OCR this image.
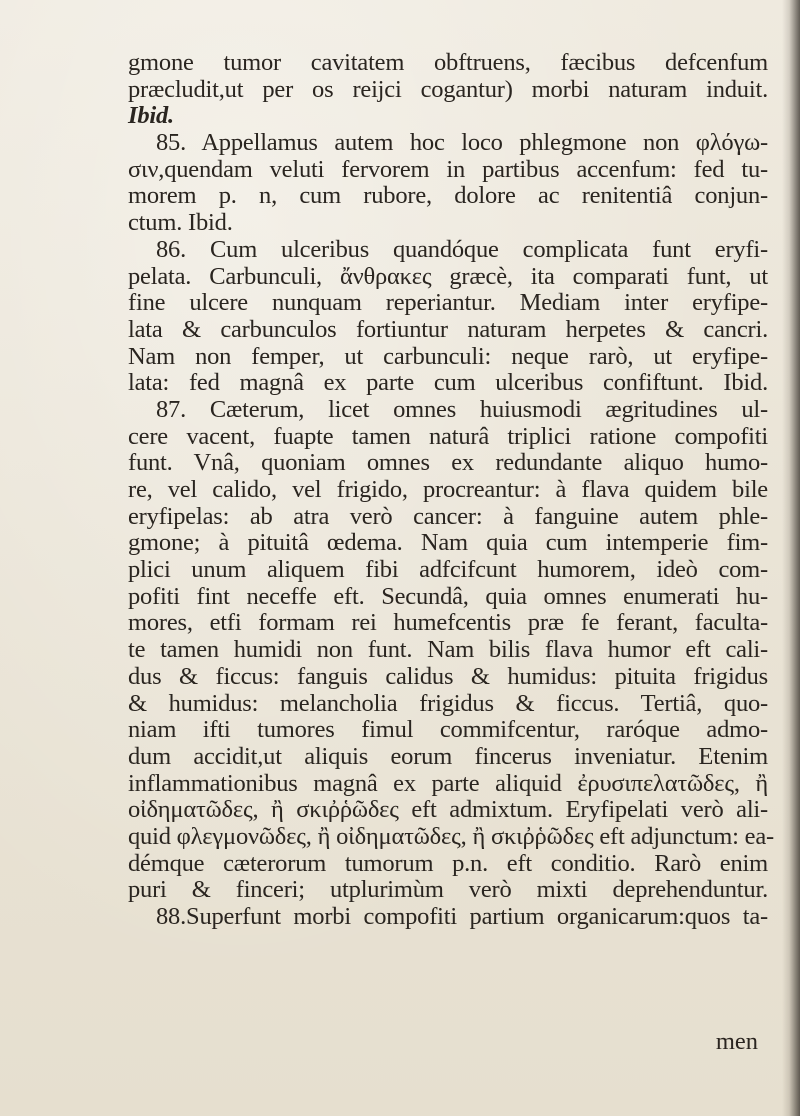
gmone tumor cavitatem obftruens, fæcibus defcenfum
præcludit,ut per os reijci cogantur) morbi naturam induit.
Ibid.
85. Appellamus autem hoc loco phlegmone non φλόγω-
σιν,quendam veluti fervorem in partibus accenfum: fed tu-
morem p. n, cum rubore, dolore ac renitentiâ conjun-
ctum. Ibid.
86. Cum ulceribus quandóque complicata funt eryfi-
pelata. Carbunculi, ἄνθρακες græcè, ita comparati funt, ut
fine ulcere nunquam reperiantur. Mediam inter eryfipe-
lata & carbunculos fortiuntur naturam herpetes & cancri.
Nam non femper, ut carbunculi: neque rarò, ut eryfipe-
lata: fed magnâ ex parte cum ulceribus confiftunt. Ibid.
87. Cæterum, licet omnes huiusmodi ægritudines ul-
cere vacent, fuapte tamen naturâ triplici ratione compofiti
funt. Vnâ, quoniam omnes ex redundante aliquo humo-
re, vel calido, vel frigido, procreantur: à flava quidem bile
eryfipelas: ab atra verò cancer: à fanguine autem phle-
gmone; à pituitâ œdema. Nam quia cum intemperie fim-
plici unum aliquem fibi adfcifcunt humorem, ideò com-
pofiti fint neceffe eft. Secundâ, quia omnes enumerati hu-
mores, etfi formam rei humefcentis præ fe ferant, faculta-
te tamen humidi non funt. Nam bilis flava humor eft cali-
dus & ficcus: fanguis calidus & humidus: pituita frigidus
& humidus: melancholia frigidus & ficcus. Tertiâ, quo-
niam ifti tumores fimul commifcentur, raróque admo-
dum accidit,ut aliquis eorum fincerus inveniatur. Etenim
inflammationibus magnâ ex parte aliquid ἐρυσιπελατῶδες, ἢ
οἰδηματῶδες, ἢ σκιῤῥῶδες eft admixtum. Eryfipelati verò ali-
quid φλεγμονῶδες, ἢ οἰδηματῶδες, ἢ σκιῤῥῶδες eft adjunctum: ea-
démque cæterorum tumorum p.n. eft conditio. Rarò enim
puri & finceri; utplurimùm verò mixti deprehenduntur.
88.Superfunt morbi compofiti partium organicarum:quos ta-
men
